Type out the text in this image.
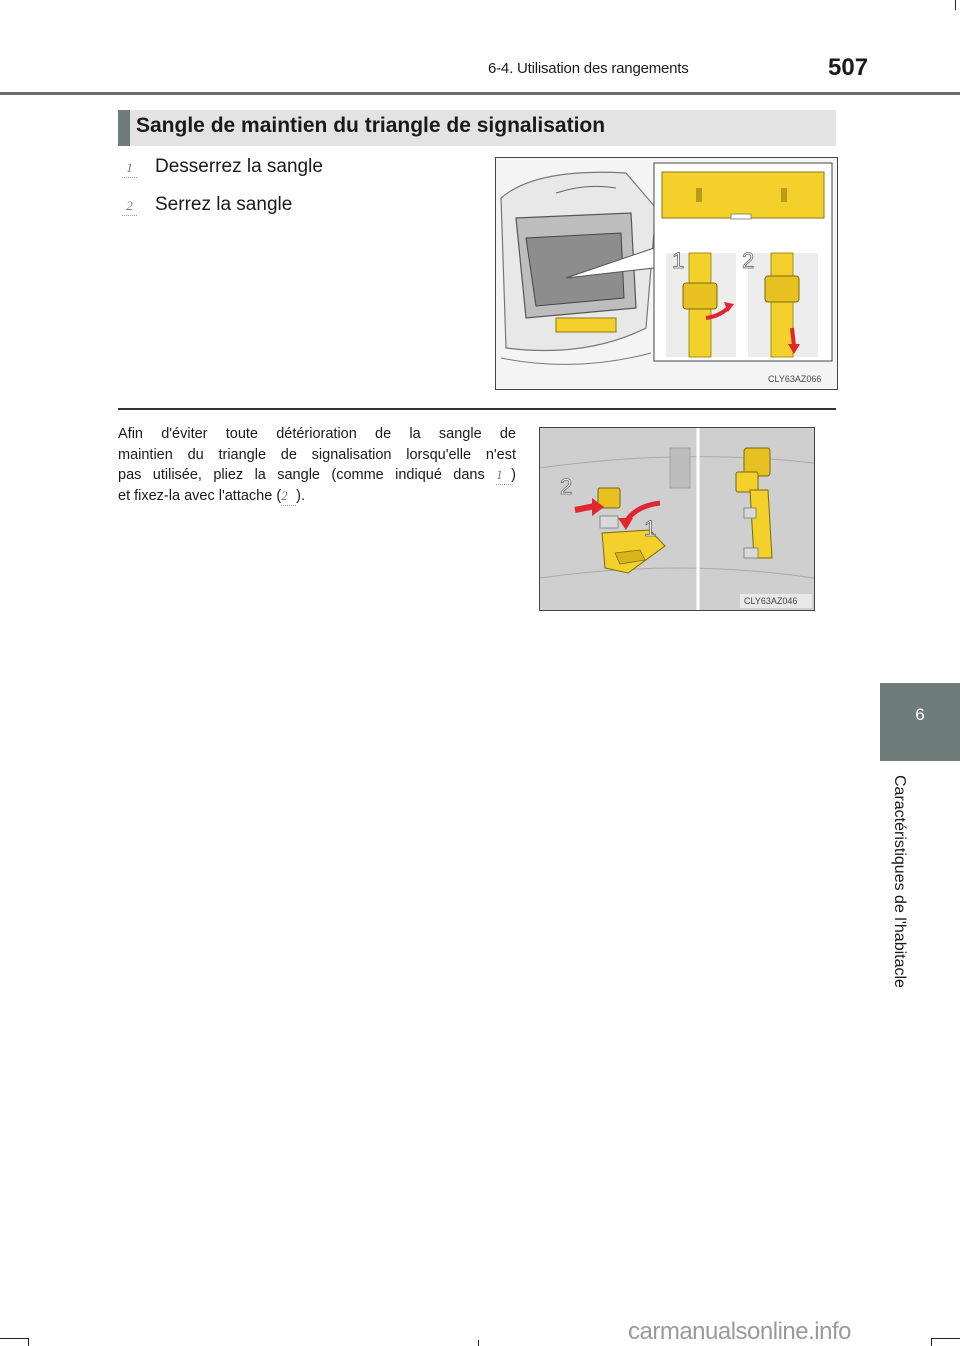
6-4. Utilisation des rangements	507
6
Caractéristiques de l'habitacle
Sangle de maintien du triangle de signalisation
1 Desserrez la sangle
2 Serrez la sangle
1	2
CLY63AZ066
Afin d'éviter toute détérioration de la sangle de
maintien du triangle de signalisation lorsqu'elle n'est
pas utilisée, pliez la sangle (comme indiqué dans 1 )
et fixez-la avec l'attache (2 ).	2
1
CLY63AZ046
carmanualsonline.info
